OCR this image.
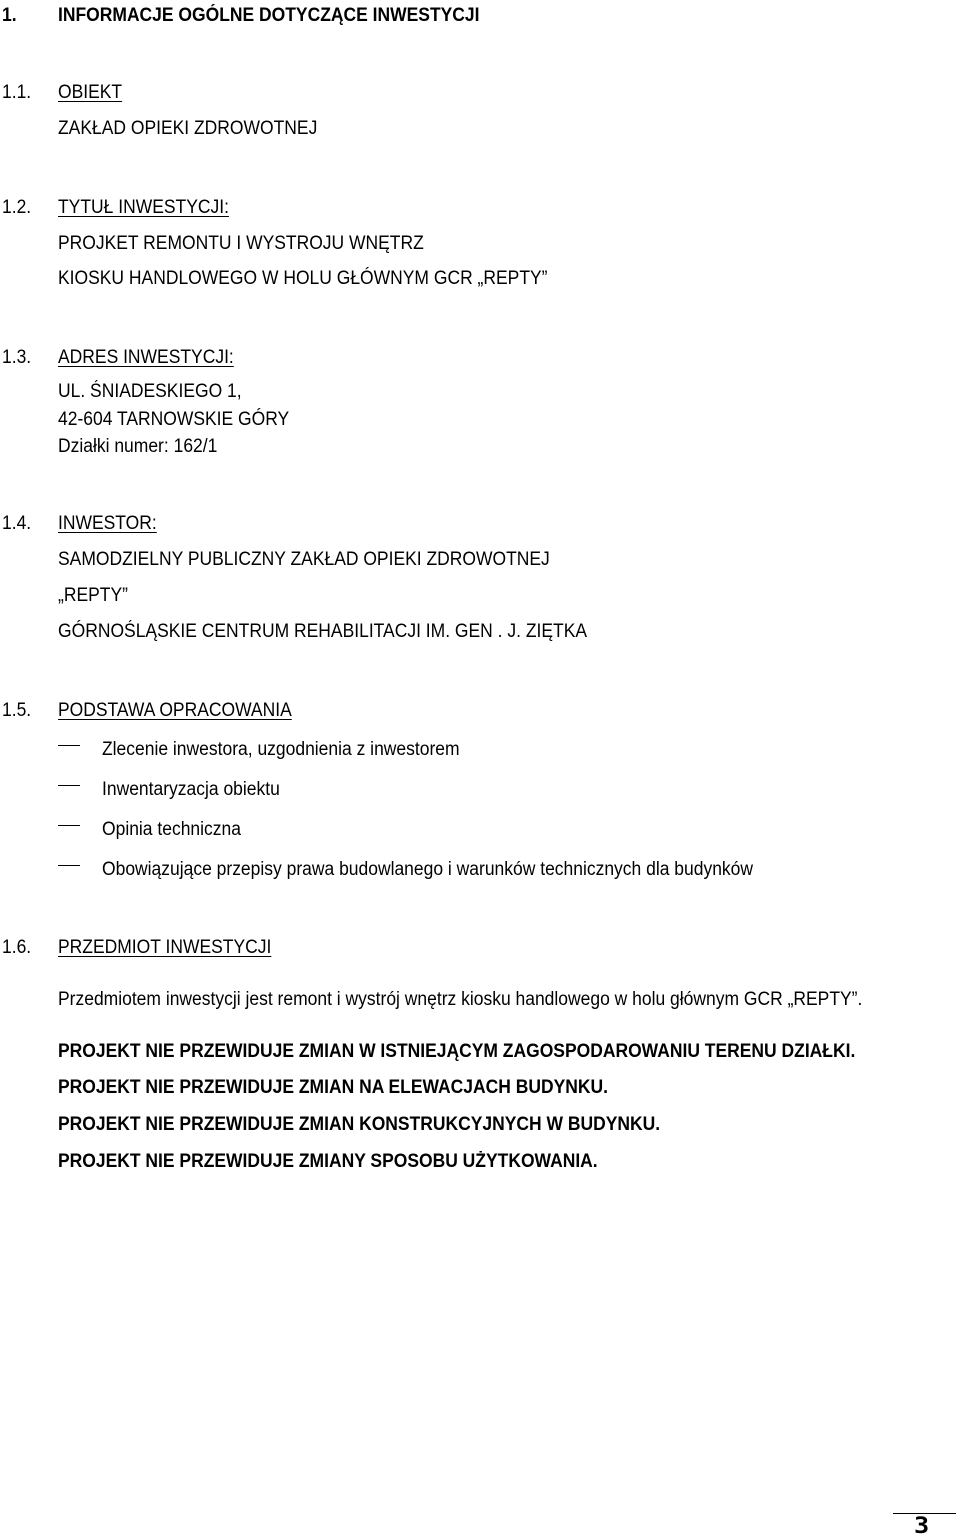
1. INFORMACJE OGÓLNE DOTYCZĄCE INWESTYCJI
1.1. OBIEKT
ZAKŁAD OPIEKI ZDROWOTNEJ
1.2. TYTUŁ INWESTYCJI:
PROJKET REMONTU I WYSTROJU WNĘTRZ
KIOSKU HANDLOWEGO W HOLU GŁÓWNYM GCR „REPTY”
1.3. ADRES INWESTYCJI:
UL. ŚNIADESKIEGO 1,
42-604 TARNOWSKIE GÓRY
Działki numer: 162/1
1.4. INWESTOR:
SAMODZIELNY PUBLICZNY ZAKŁAD OPIEKI ZDROWOTNEJ
„REPTY”
GÓRNOŚLĄSKIE CENTRUM REHABILITACJI IM. GEN . J. ZIĘTKA
1.5. PODSTAWA OPRACOWANIA
Zlecenie inwestora, uzgodnienia z inwestorem
Inwentaryzacja obiektu
Opinia techniczna
Obowiązujące przepisy prawa budowlanego i warunków technicznych dla budynków
1.6. PRZEDMIOT INWESTYCJI
Przedmiotem inwestycji jest remont i wystrój wnętrz kiosku handlowego w holu głównym GCR „REPTY”.
PROJEKT NIE PRZEWIDUJE ZMIAN W ISTNIEJĄCYM ZAGOSPODAROWANIU TERENU DZIAŁKI.
PROJEKT NIE PRZEWIDUJE ZMIAN NA ELEWACJACH BUDYNKU.
PROJEKT NIE PRZEWIDUJE ZMIAN KONSTRUKCYJNYCH W BUDYNKU.
PROJEKT NIE PRZEWIDUJE ZMIANY SPOSOBU UŻYTKOWANIA.
3
